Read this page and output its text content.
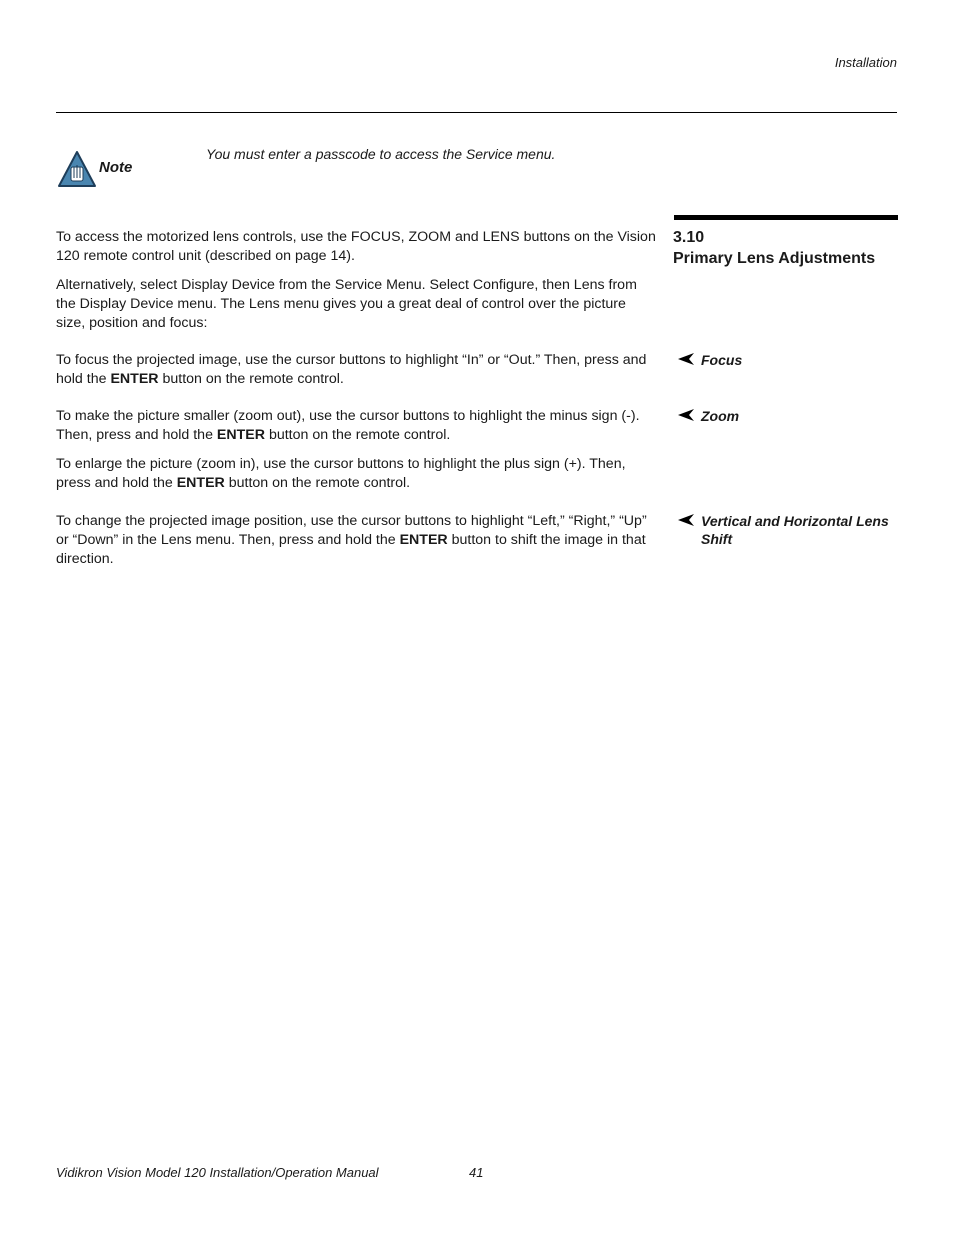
Installation
Note
You must enter a passcode to access the Service menu.
3.10
Primary Lens Adjustments

To access the motorized lens controls, use the FOCUS, ZOOM and LENS buttons on the Vision 120 remote control unit (described on page 14).

Alternatively, select Display Device from the Service Menu. Select Configure, then Lens from the Display Device menu. The Lens menu gives you a great deal of control over the picture size, position and focus:

Focus

To focus the projected image, use the cursor buttons to highlight “In” or “Out.” Then, press and hold the ENTER button on the remote control.

Zoom

To make the picture smaller (zoom out), use the cursor buttons to highlight the minus sign (-). Then, press and hold the ENTER button on the remote control.

To enlarge the picture (zoom in), use the cursor buttons to highlight the plus sign (+). Then, press and hold the ENTER button on the remote control.

Vertical and Horizontal Lens Shift

To change the projected image position, use the cursor buttons to highlight “Left,” “Right,” “Up” or “Down” in the Lens menu. Then, press and hold the ENTER button to shift the image in that direction.

Vidikron Vision Model 120 Installation/Operation Manual	41
